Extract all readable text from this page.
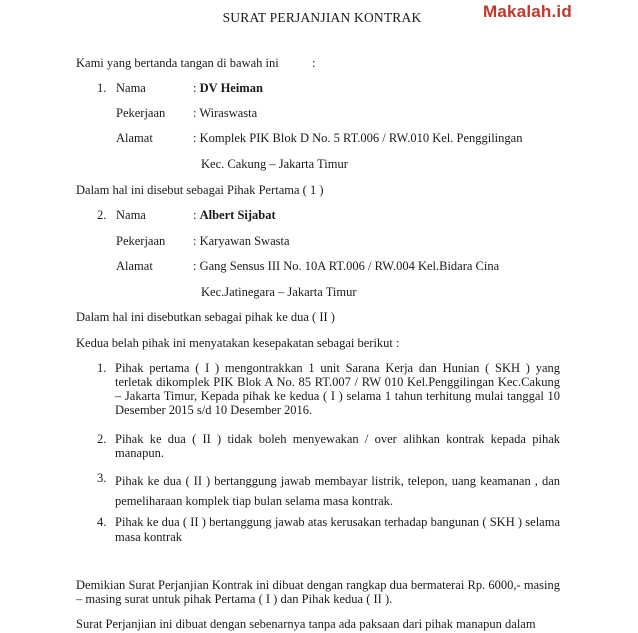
SURAT PERJANJIAN KONTRAK	Makalah.id
Kami yang bertanda tangan di bawah ini	:
1. Nama	: DV Heiman
Pekerjaan : Wiraswasta
Alamat	: Komplek PIK Blok D No. 5 RT.006 / RW.010 Kel. Penggilingan
Kec. Cakung – Jakarta Timur
Dalam hal ini disebut sebagai Pihak Pertama ( 1 )
2. Nama	: Albert Sijabat
Pekerjaan : Karyawan Swasta
Alamat	: Gang Sensus III No. 10A RT.006 / RW.004 Kel.Bidara Cina
Kec.Jatinegara – Jakarta Timur
Dalam hal ini disebutkan sebagai pihak ke dua ( II )
Kedua belah pihak ini menyatakan kesepakatan sebagai berikut :
1. Pihak pertama ( I ) mengontrakkan 1 unit Sarana Kerja dan Hunian ( SKH ) yang terletak dikomplek PIK Blok A No. 85 RT.007 / RW 010 Kel.Penggilingan Kec.Cakung – Jakarta Timur, Kepada pihak ke kedua ( I ) selama 1 tahun terhitung mulai tanggal 10 Desember 2015 s/d 10 Desember 2016.
2. Pihak ke dua ( II ) tidak boleh menyewakan / over alihkan kontrak kepada pihak manapun.
3. Pihak ke dua ( II ) bertanggung jawab membayar listrik, telepon, uang keamanan , dan pemeliharaan komplek tiap bulan selama masa kontrak.
4. Pihak ke dua ( II ) bertanggung jawab atas kerusakan terhadap bangunan ( SKH ) selama masa kontrak
Demikian Surat Perjanjian Kontrak ini dibuat dengan rangkap dua bermaterai Rp. 6000,- masing – masing surat untuk pihak Pertama ( I ) dan Pihak kedua ( II ).
Surat Perjanjian ini dibuat dengan sebenarnya tanpa ada paksaan dari pihak manapun dalam
